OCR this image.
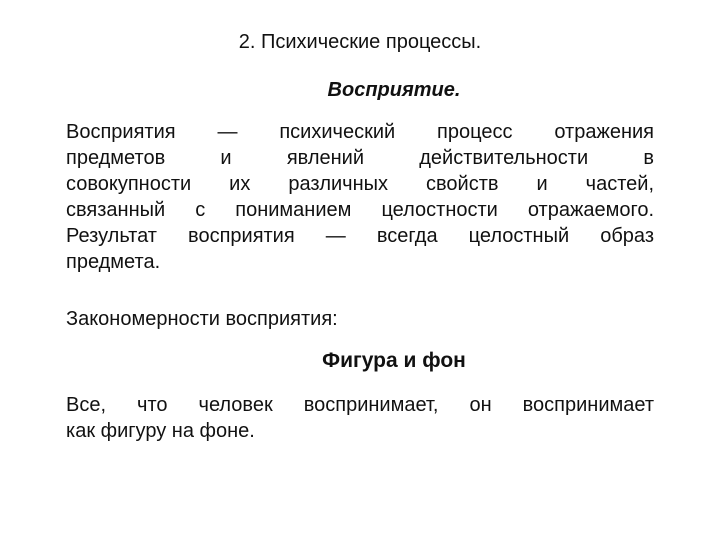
2. Психические процессы.
Восприятие.
Восприятия — психический процесс отражения
предметов и явлений действительности в
совокупности их различных свойств и частей,
связанный с пониманием целостности отражаемого.
Результат восприятия — всегда целостный образ
предмета.
Закономерности восприятия:
Фигура и фон
Все, что человек воспринимает, он воспринимает
как фигуру на фоне.
